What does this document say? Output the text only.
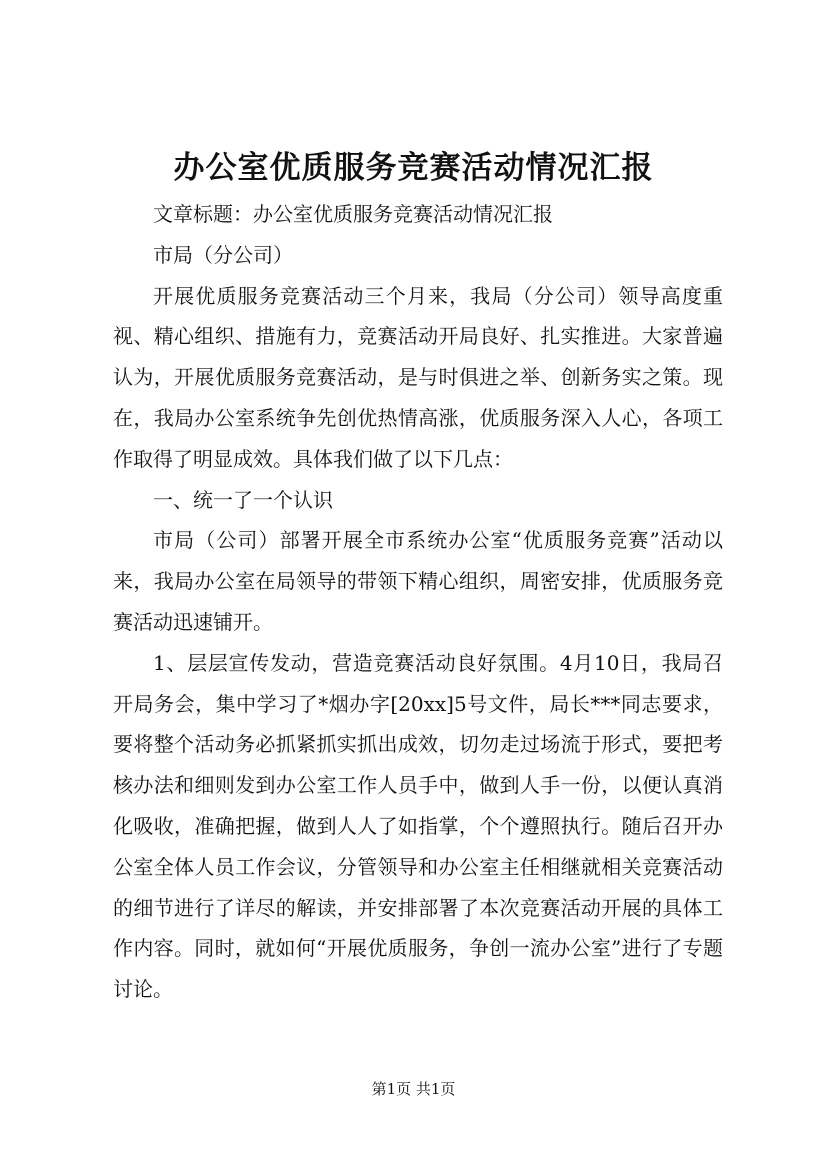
办公室优质服务竞赛活动情况汇报

文章标题：办公室优质服务竞赛活动情况汇报

市局（分公司）

开展优质服务竞赛活动三个月来，我局（分公司）领导高度重视、精心组织、措施有力，竞赛活动开局良好、扎实推进。大家普遍认为，开展优质服务竞赛活动，是与时俱进之举、创新务实之策。现在，我局办公室系统争先创优热情高涨，优质服务深入人心，各项工作取得了明显成效。具体我们做了以下几点：

一、统一了一个认识

市局（公司）部署开展全市系统办公室“优质服务竞赛”活动以来，我局办公室在局领导的带领下精心组织，周密安排，优质服务竞赛活动迅速铺开。

1、层层宣传发动，营造竞赛活动良好氛围。4月10日，我局召开局务会，集中学习了*烟办字[20xx]5号文件，局长***同志要求，要将整个活动务必抓紧抓实抓出成效，切勿走过场流于形式，要把考核办法和细则发到办公室工作人员手中，做到人手一份，以便认真消化吸收，准确把握，做到人人了如指掌，个个遵照执行。随后召开办公室全体人员工作会议，分管领导和办公室主任相继就相关竞赛活动的细节进行了详尽的解读，并安排部署了本次竞赛活动开展的具体工作内容。同时，就如何“开展优质服务，争创一流办公室”进行了专题讨论。

第1页 共1页
